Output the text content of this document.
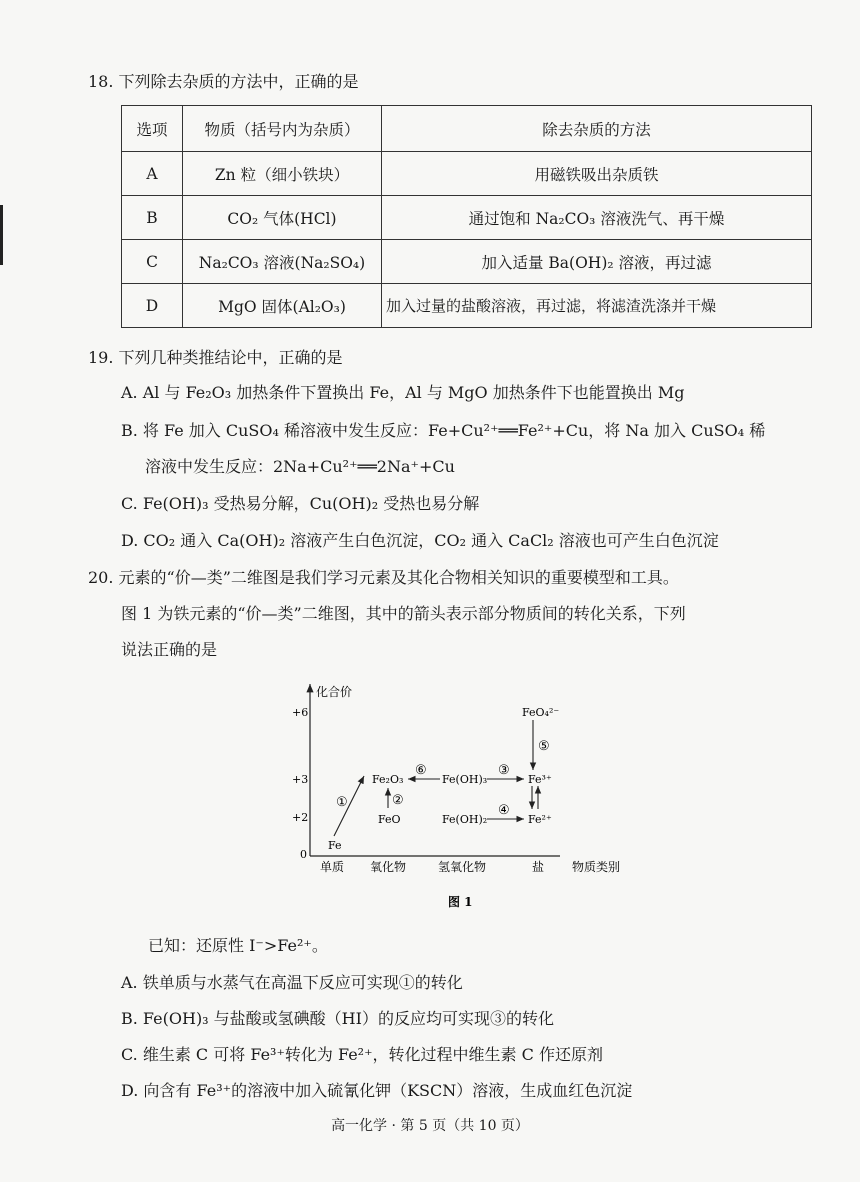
18. 下列除去杂质的方法中，正确的是
选项	物质（括号内为杂质）	除去杂质的方法
A	Zn 粒（细小铁块）	用磁铁吸出杂质铁
B	CO₂ 气体(HCl)	通过饱和 Na₂CO₃ 溶液洗气、再干燥
C	Na₂CO₃ 溶液(Na₂SO₄)	加入适量 Ba(OH)₂ 溶液，再过滤
D	MgO 固体(Al₂O₃)	加入过量的盐酸溶液，再过滤，将滤渣洗涤并干燥
19. 下列几种类推结论中，正确的是
A. Al 与 Fe₂O₃ 加热条件下置换出 Fe，Al 与 MgO 加热条件下也能置换出 Mg
B. 将 Fe 加入 CuSO₄ 稀溶液中发生反应：Fe+Cu²⁺══Fe²⁺+Cu，将 Na 加入 CuSO₄ 稀
溶液中发生反应：2Na+Cu²⁺══2Na⁺+Cu
C. Fe(OH)₃ 受热易分解，Cu(OH)₂ 受热也易分解
D. CO₂ 通入 Ca(OH)₂ 溶液产生白色沉淀，CO₂ 通入 CaCl₂ 溶液也可产生白色沉淀
20. 元素的“价—类”二维图是我们学习元素及其化合物相关知识的重要模型和工具。
图 1 为铁元素的“价—类”二维图，其中的箭头表示部分物质间的转化关系，下列
说法正确的是
化合价
+6
+3
+2
0
单质 氧化物	氢氧化物	盐 物质类别
Fe
Fe₂O₃
FeO
Fe(OH)₃
Fe(OH)₂
Fe³⁺
Fe²⁺
FeO₄²⁻
①	②
③
④
⑤
⑥
图 1
已知：还原性 I⁻>Fe²⁺。
A. 铁单质与水蒸气在高温下反应可实现①的转化
B. Fe(OH)₃ 与盐酸或氢碘酸（HI）的反应均可实现③的转化
C. 维生素 C 可将 Fe³⁺转化为 Fe²⁺，转化过程中维生素 C 作还原剂
D. 向含有 Fe³⁺的溶液中加入硫氰化钾（KSCN）溶液，生成血红色沉淀
高一化学 · 第 5 页（共 10 页）
